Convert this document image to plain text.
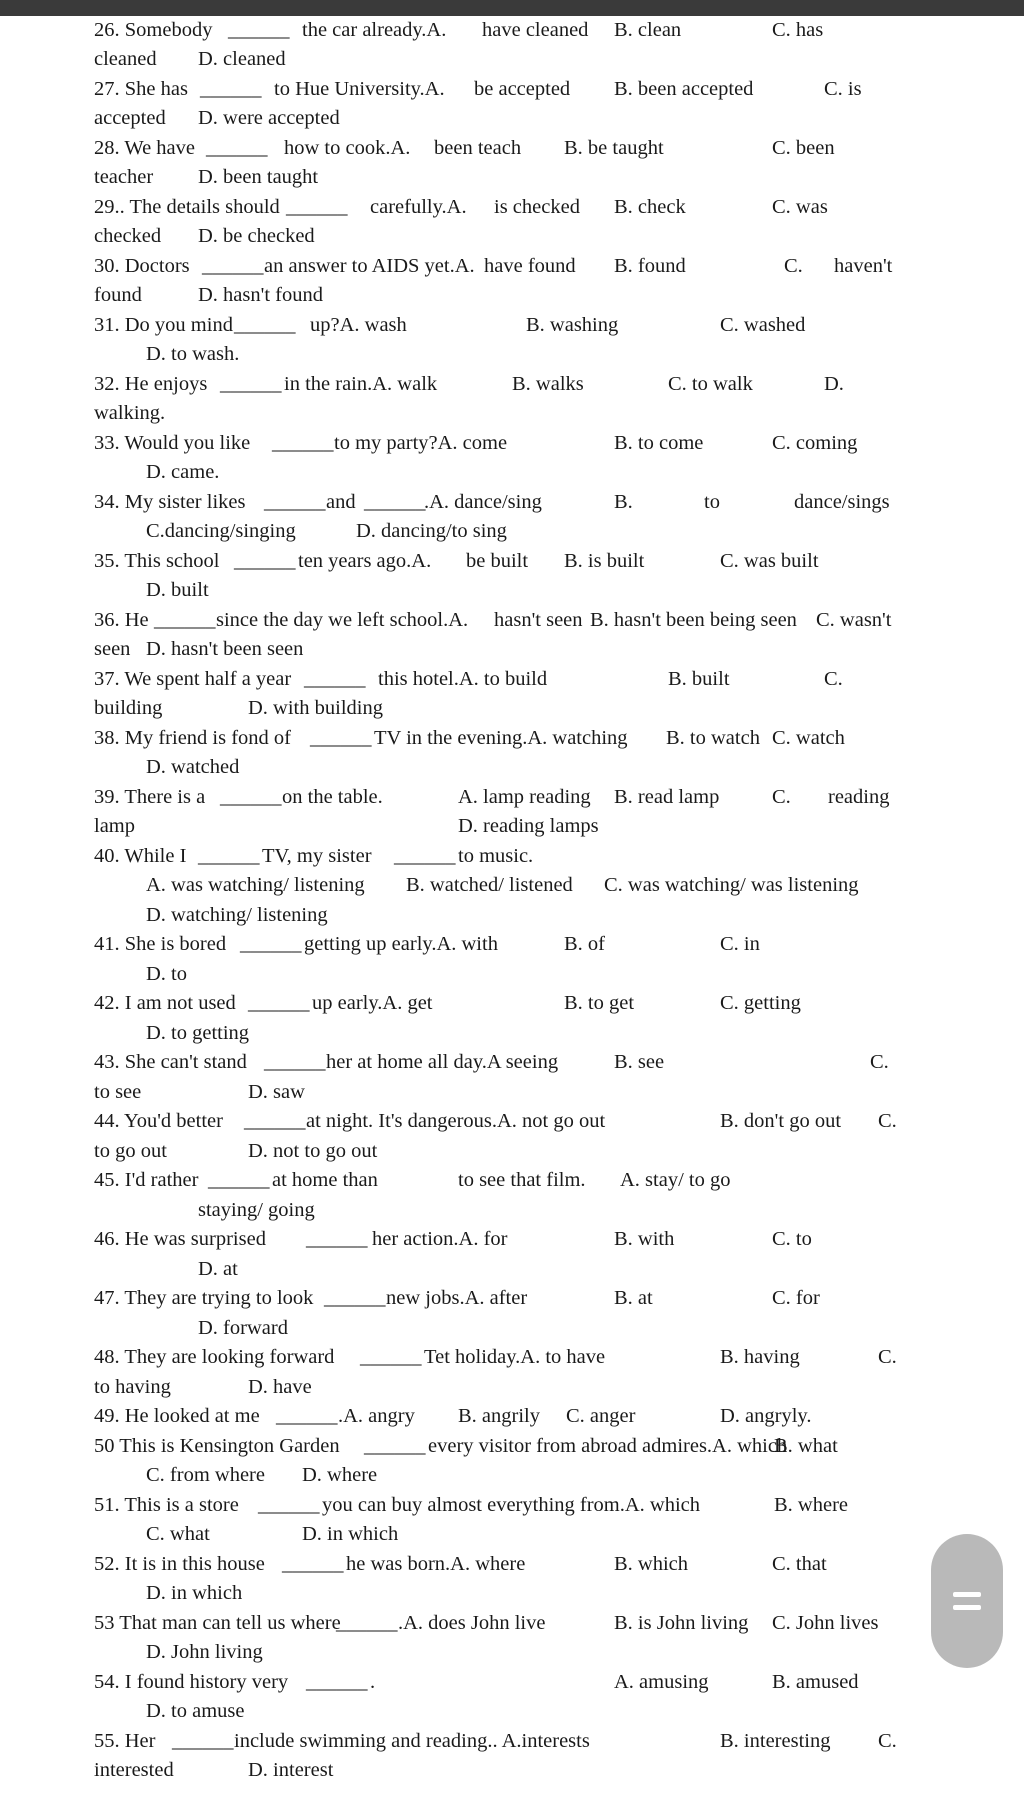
26. Somebody ______ the car already.A. have cleaned B. clean	C. has
cleaned D. cleaned
27. She has ______ to Hue University.A. be accepted B. been accepted	C. is
accepted D. were accepted
28. We have ______ how to cook.A. been teach B. be taught	C. been
teacher D. been taught
29.. The details should ______ carefully.A. is checked B. check	C. was
checked D. be checked
30. Doctors ______ an answer to AIDS yet.A. have found B. found	C. haven't
found	D. hasn't found
31. Do you mind ______ up?A. wash	B. washing	C. washed
D. to wash.
32. He enjoys ______ in the rain.A. walk	B. walks	C. to walk	D.
walking.
33. Would you like ______ to my party?A. come	B. to come	C. coming
D. came.
34. My sister likes ______ and ______
.A. dance/sing	B.	to	dance/sings
C.dancing/singing	D. dancing/to sing
35. This school ______ ten years ago.A. be built B. is built	C. was built
D. built
36. He ______ since the day we left school.A. hasn't seen B. hasn't been being seen C. wasn't
seen D. hasn't been seen
37. We spent half a year ______ this hotel.A. to build	B. built	C.
building	D. with building
38. My friend is fond of ______ TV in the evening.A. watching B. to watch C. watch
D. watched
39. There is a ______ on the table.	A. lamp reading B. read lamp	C. reading
lamp	D. reading lamps
40. While I ______ TV, my sister ______ to music.
A. was watching/ listening B. watched/ listened C. was watching/ was listening
D. watching/ listening
41. She is bored ______ getting up early.A. with	B. of	C. in
D. to
42. I am not used ______ up early.A. get	B. to get	C. getting
D. to getting
43. She can't stand ______ her at home all day.A seeing	B. see	C.
to see	D. saw
44. You'd better ______ at night. It's dangerous.A. not go out	B. don't go out C.
to go out	D. not to go out
45. I'd rather ______ at home than	to see that film. A. stay/ to go
staying/ going
46. He was surprised ______ her action.A. for	B. with	C. to
D. at
47. They are trying to look ______ new jobs.A. after	B. at	C. for
D. forward
48. They are looking forward ______ Tet holiday.A. to have	B. having	C.
to having	D. have
49. He looked at me ______ .A. angry B. angrily C. anger	D. angryly.
50 This is Kensington Garden ______ every visitor from abroad admires.A. which
B. what
C. from where D. where
51. This is a store ______ you can buy almost everything from.A. which	B. where
C. what	D. in which
52. It is in this house ______ he was born.A. where	B. which	C. that
D. in which
53 That man can tell us where
______ .A. does John live	B. is John living C. John lives
D. John living
54. I found history very ______ .	A. amusing	B. amused
D. to amuse
55. Her ______ include swimming and reading.. A.interests	B. interesting C.
interested	D. interest
